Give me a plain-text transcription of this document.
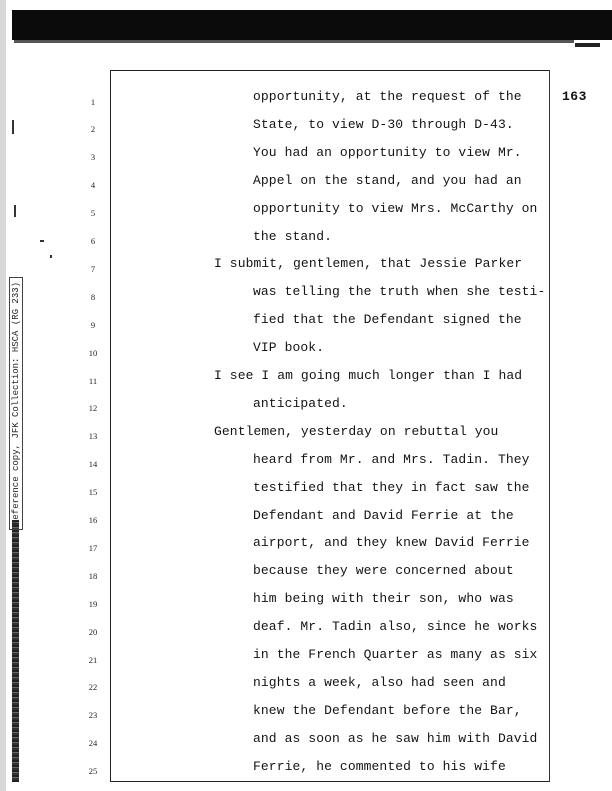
Reference copy, JFK Collection: HSCA (RG 233)
163
1	opportunity, at the request of the
2	State, to view D-30 through D-43.
3	You had an opportunity to view Mr.
4	Appel on the stand, and you had an
5	opportunity to view Mrs. McCarthy on
6	the stand.
7	I submit, gentlemen, that Jessie Parker
8	was telling the truth when she testi-
9	fied that the Defendant signed the
10	VIP book.
11	I see I am going much longer than I had
12	anticipated.
13	Gentlemen, yesterday on rebuttal you
14	heard from Mr. and Mrs. Tadin. They
15	testified that they in fact saw the
16	Defendant and David Ferrie at the
17	airport, and they knew David Ferrie
18	because they were concerned about
19	him being with their son, who was
20	deaf. Mr. Tadin also, since he works
21	in the French Quarter as many as six
22	nights a week, also had seen and
23	knew the Defendant before the Bar,
24	and as soon as he saw him with David
25	Ferrie, he commented to his wife
